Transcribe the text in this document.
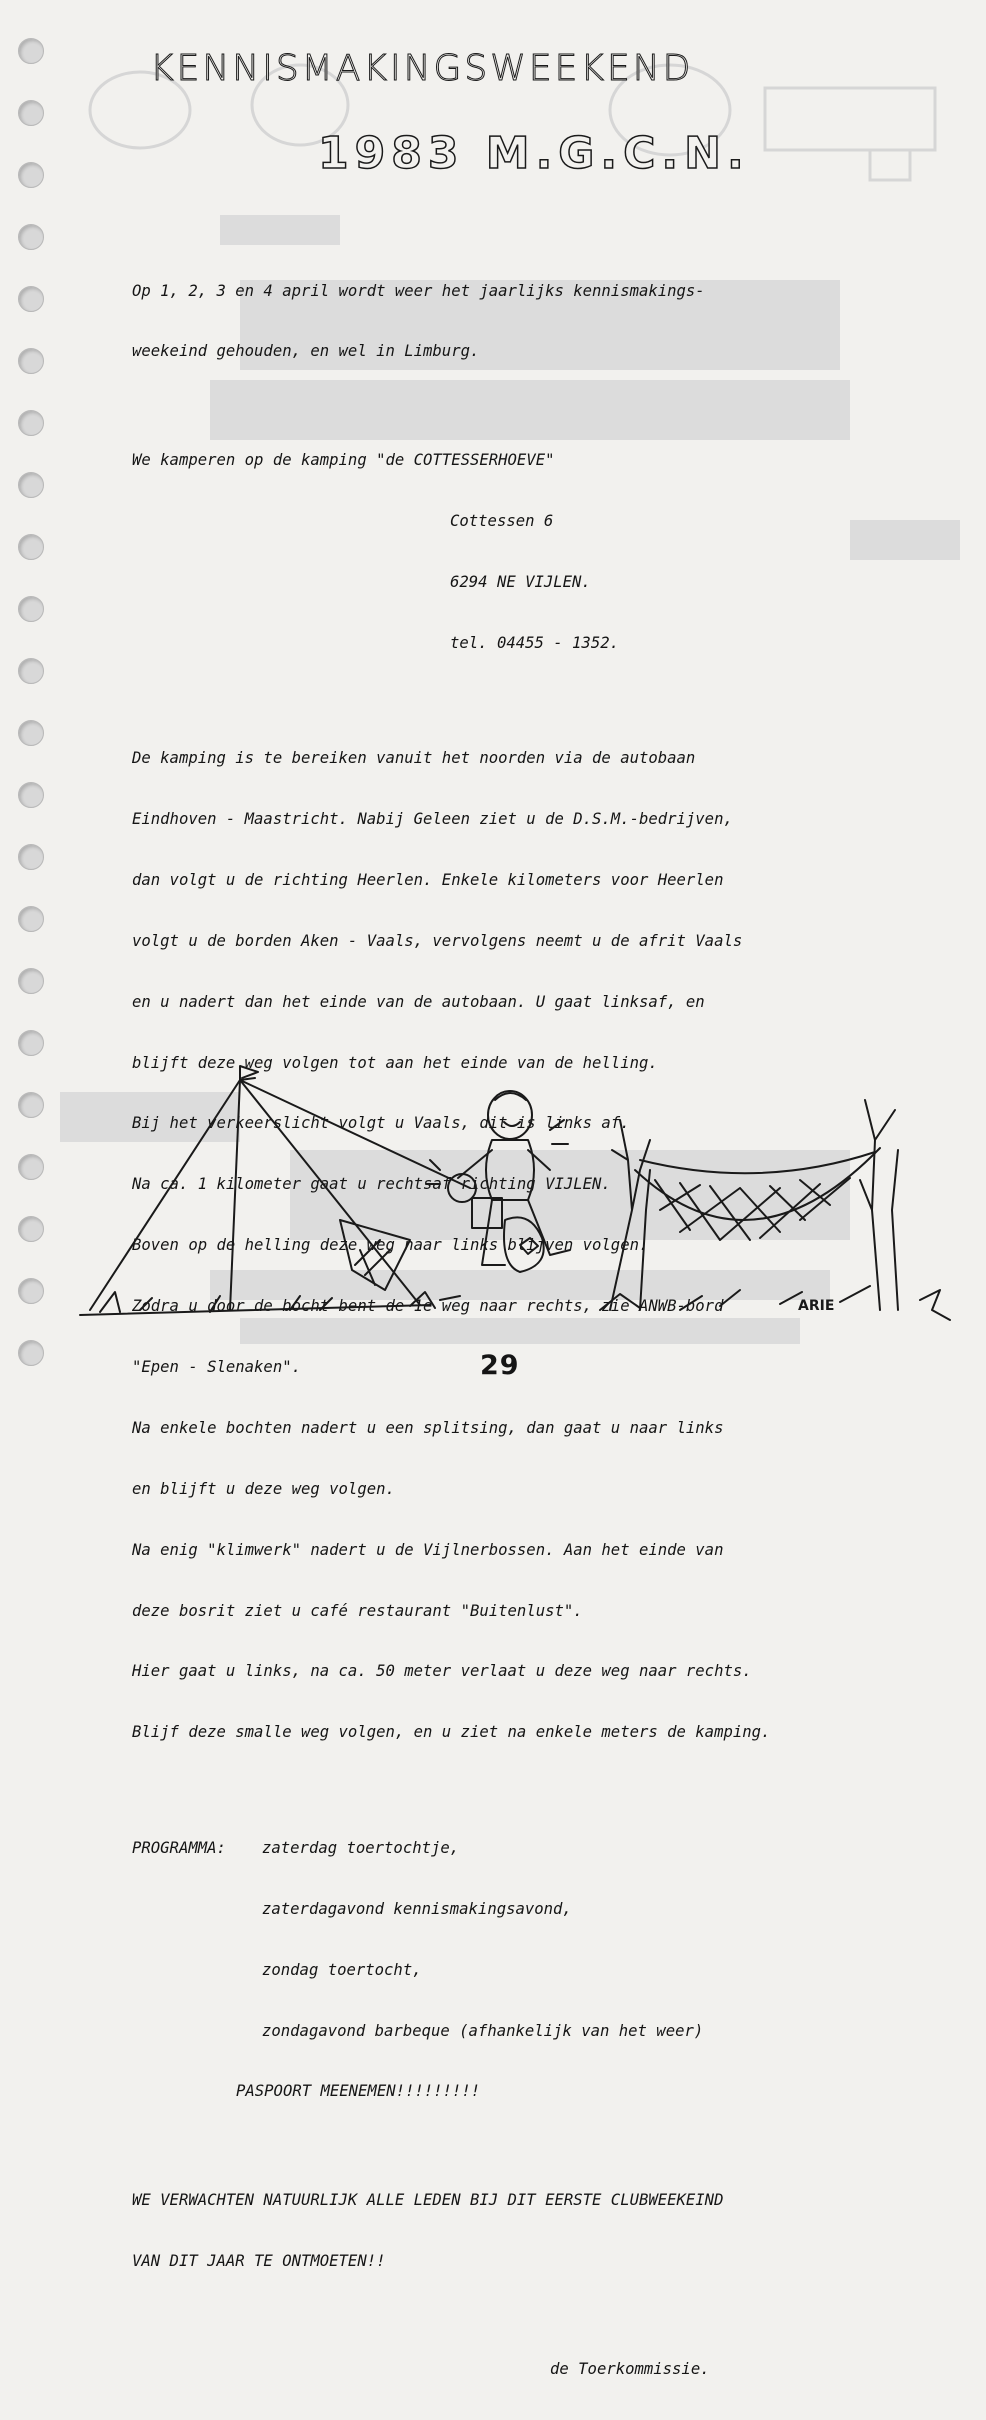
KENNISMAKINGSWEEKEND
1983 M.G.C.N.

Op 1, 2, 3 en 4 april wordt weer het jaarlijks kennismakings-

weekeind gehouden, en wel in Limburg.

We kamperen op de kamping "de COTTESSERHOEVE"

Cottessen 6

6294 NE VIJLEN.

tel. 04455 - 1352.

De kamping is te bereiken vanuit het noorden via de autobaan

Eindhoven - Maastricht. Nabij Geleen ziet u de D.S.M.-bedrijven,

dan volgt u de richting Heerlen. Enkele kilometers voor Heerlen

volgt u de borden Aken - Vaals, vervolgens neemt u de afrit Vaals

en u nadert dan het einde van de autobaan. U gaat linksaf, en

blijft deze weg volgen tot aan het einde van de helling.

Bij het verkeerslicht volgt u Vaals, dit is links af.

Na ca. 1 kilometer gaat u rechtsaf richting VIJLEN.

Boven op de helling deze weg naar links blijven volgen.

Zodra u door de bocht bent de 1e weg naar rechts, zie ANWB-bord

"Epen - Slenaken".

Na enkele bochten nadert u een splitsing, dan gaat u naar links

en blijft u deze weg volgen.

Na enig "klimwerk" nadert u de Vijlnerbossen. Aan het einde van

deze bosrit ziet u café restaurant "Buitenlust".

Hier gaat u links, na ca. 50 meter verlaat u deze weg naar rechts.

Blijf deze smalle weg volgen, en u ziet na enkele meters de kamping.

PROGRAMMA: zaterdag toertochtje,

zaterdagavond kennismakingsavond,

zondag toertocht,

zondagavond barbeque (afhankelijk van het weer)

PASPOORT MEENEMEN!!!!!!!!!

WE VERWACHTEN NATUURLIJK ALLE LEDEN BIJ DIT EERSTE CLUBWEEKEIND

VAN DIT JAAR TE ONTMOETEN!!

de Toerkommissie.

ARIE
29
